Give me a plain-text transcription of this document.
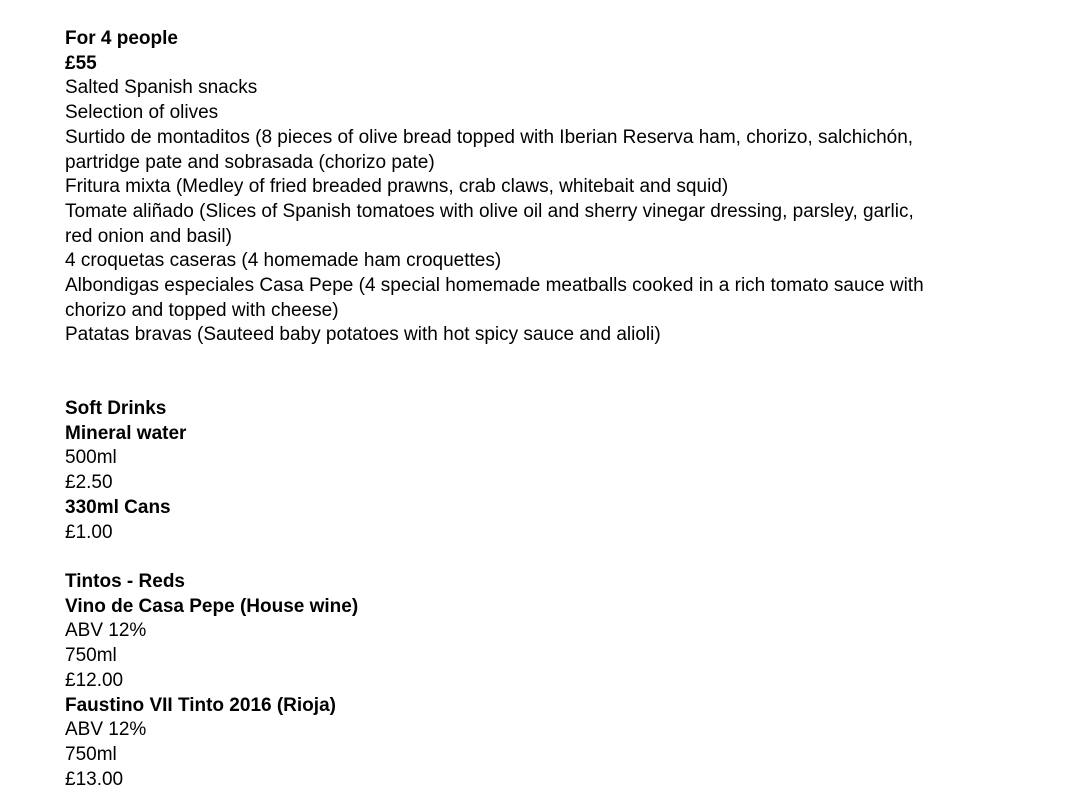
For 4 people
£55
Salted Spanish snacks
Selection of olives
Surtido de montaditos (8 pieces of olive bread topped with Iberian Reserva ham, chorizo, salchichón,
partridge pate and sobrasada (chorizo pate)
Fritura mixta (Medley of fried breaded prawns, crab claws, whitebait and squid)
Tomate aliñado (Slices of Spanish tomatoes with olive oil and sherry vinegar dressing, parsley, garlic,
red onion and basil)
4 croquetas caseras (4 homemade ham croquettes)
Albondigas especiales Casa Pepe (4 special homemade meatballs cooked in a rich tomato sauce with
chorizo and topped with cheese)
Patatas bravas (Sauteed baby potatoes with hot spicy sauce and alioli)
Soft Drinks
Mineral water
500ml
£2.50
330ml Cans
£1.00
Tintos - Reds
Vino de Casa Pepe (House wine)
ABV 12%
750ml
£12.00
Faustino VII Tinto 2016 (Rioja)
ABV 12%
750ml
£13.00
